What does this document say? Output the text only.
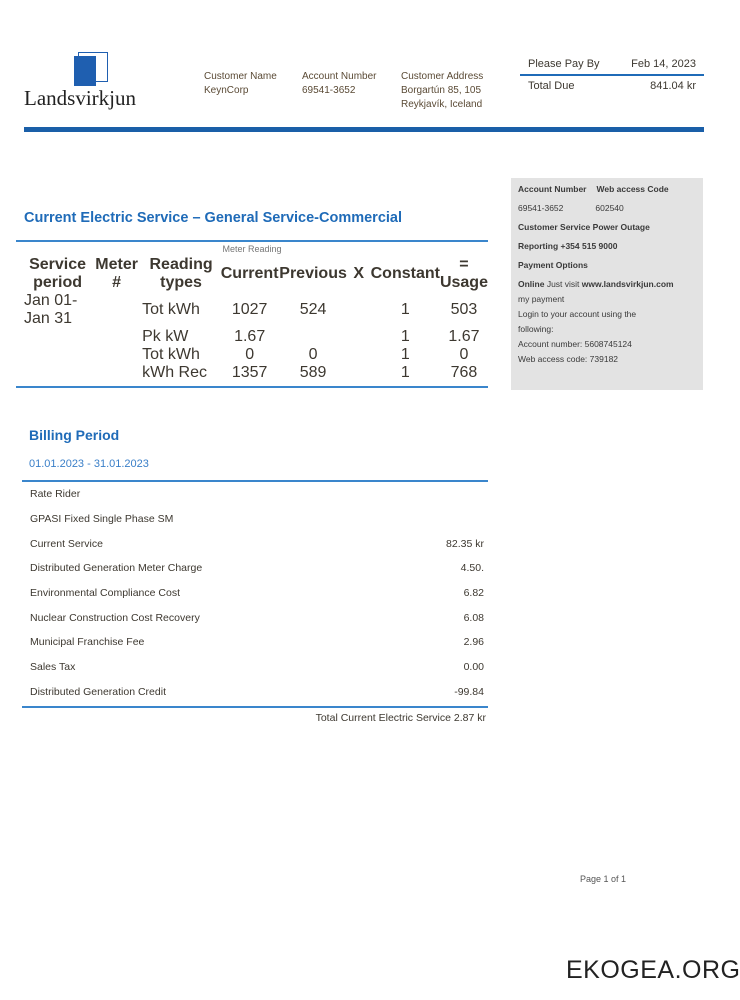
Landsvirkjun
Customer Name
KeynCorp
Account Number
69541-3652
Customer Address
Borgartún 85, 105
Reykjavík, Iceland
Please Pay By	Feb 14, 2023
Total Due	841.04 kr
Current Electric Service – General Service-Commercial
Meter Reading
Service period	Meter #	Reading types	Current	Previous	X	Constant	= Usage
Jan 01- Jan 31		Tot kWh	1027	524		1	503
		Pk kW	1.67			1	1.67
		Tot kWh	0	0		1	0
		kWh Rec	1357	589		1	768
Account Number Web access Code
69541-3652	602540
Customer Service Power Outage
Reporting +354 515 9000
Payment Options
Online Just visit www.landsvirkjun.com
my payment
Login to your account using the
following:
Account number: 5608745124
Web access code: 739182
Billing Period
01.01.2023 - 31.01.2023
Rate Rider
GPASI Fixed Single Phase SM
Current Service	82.35 kr
Distributed Generation Meter Charge	4.50.
Environmental Compliance Cost	6.82
Nuclear Construction Cost Recovery	6.08
Municipal Franchise Fee	2.96
Sales Tax	0.00
Distributed Generation Credit	-99.84
Total Current Electric Service 2.87 kr
Page 1 of 1
EKOGEA.ORG
